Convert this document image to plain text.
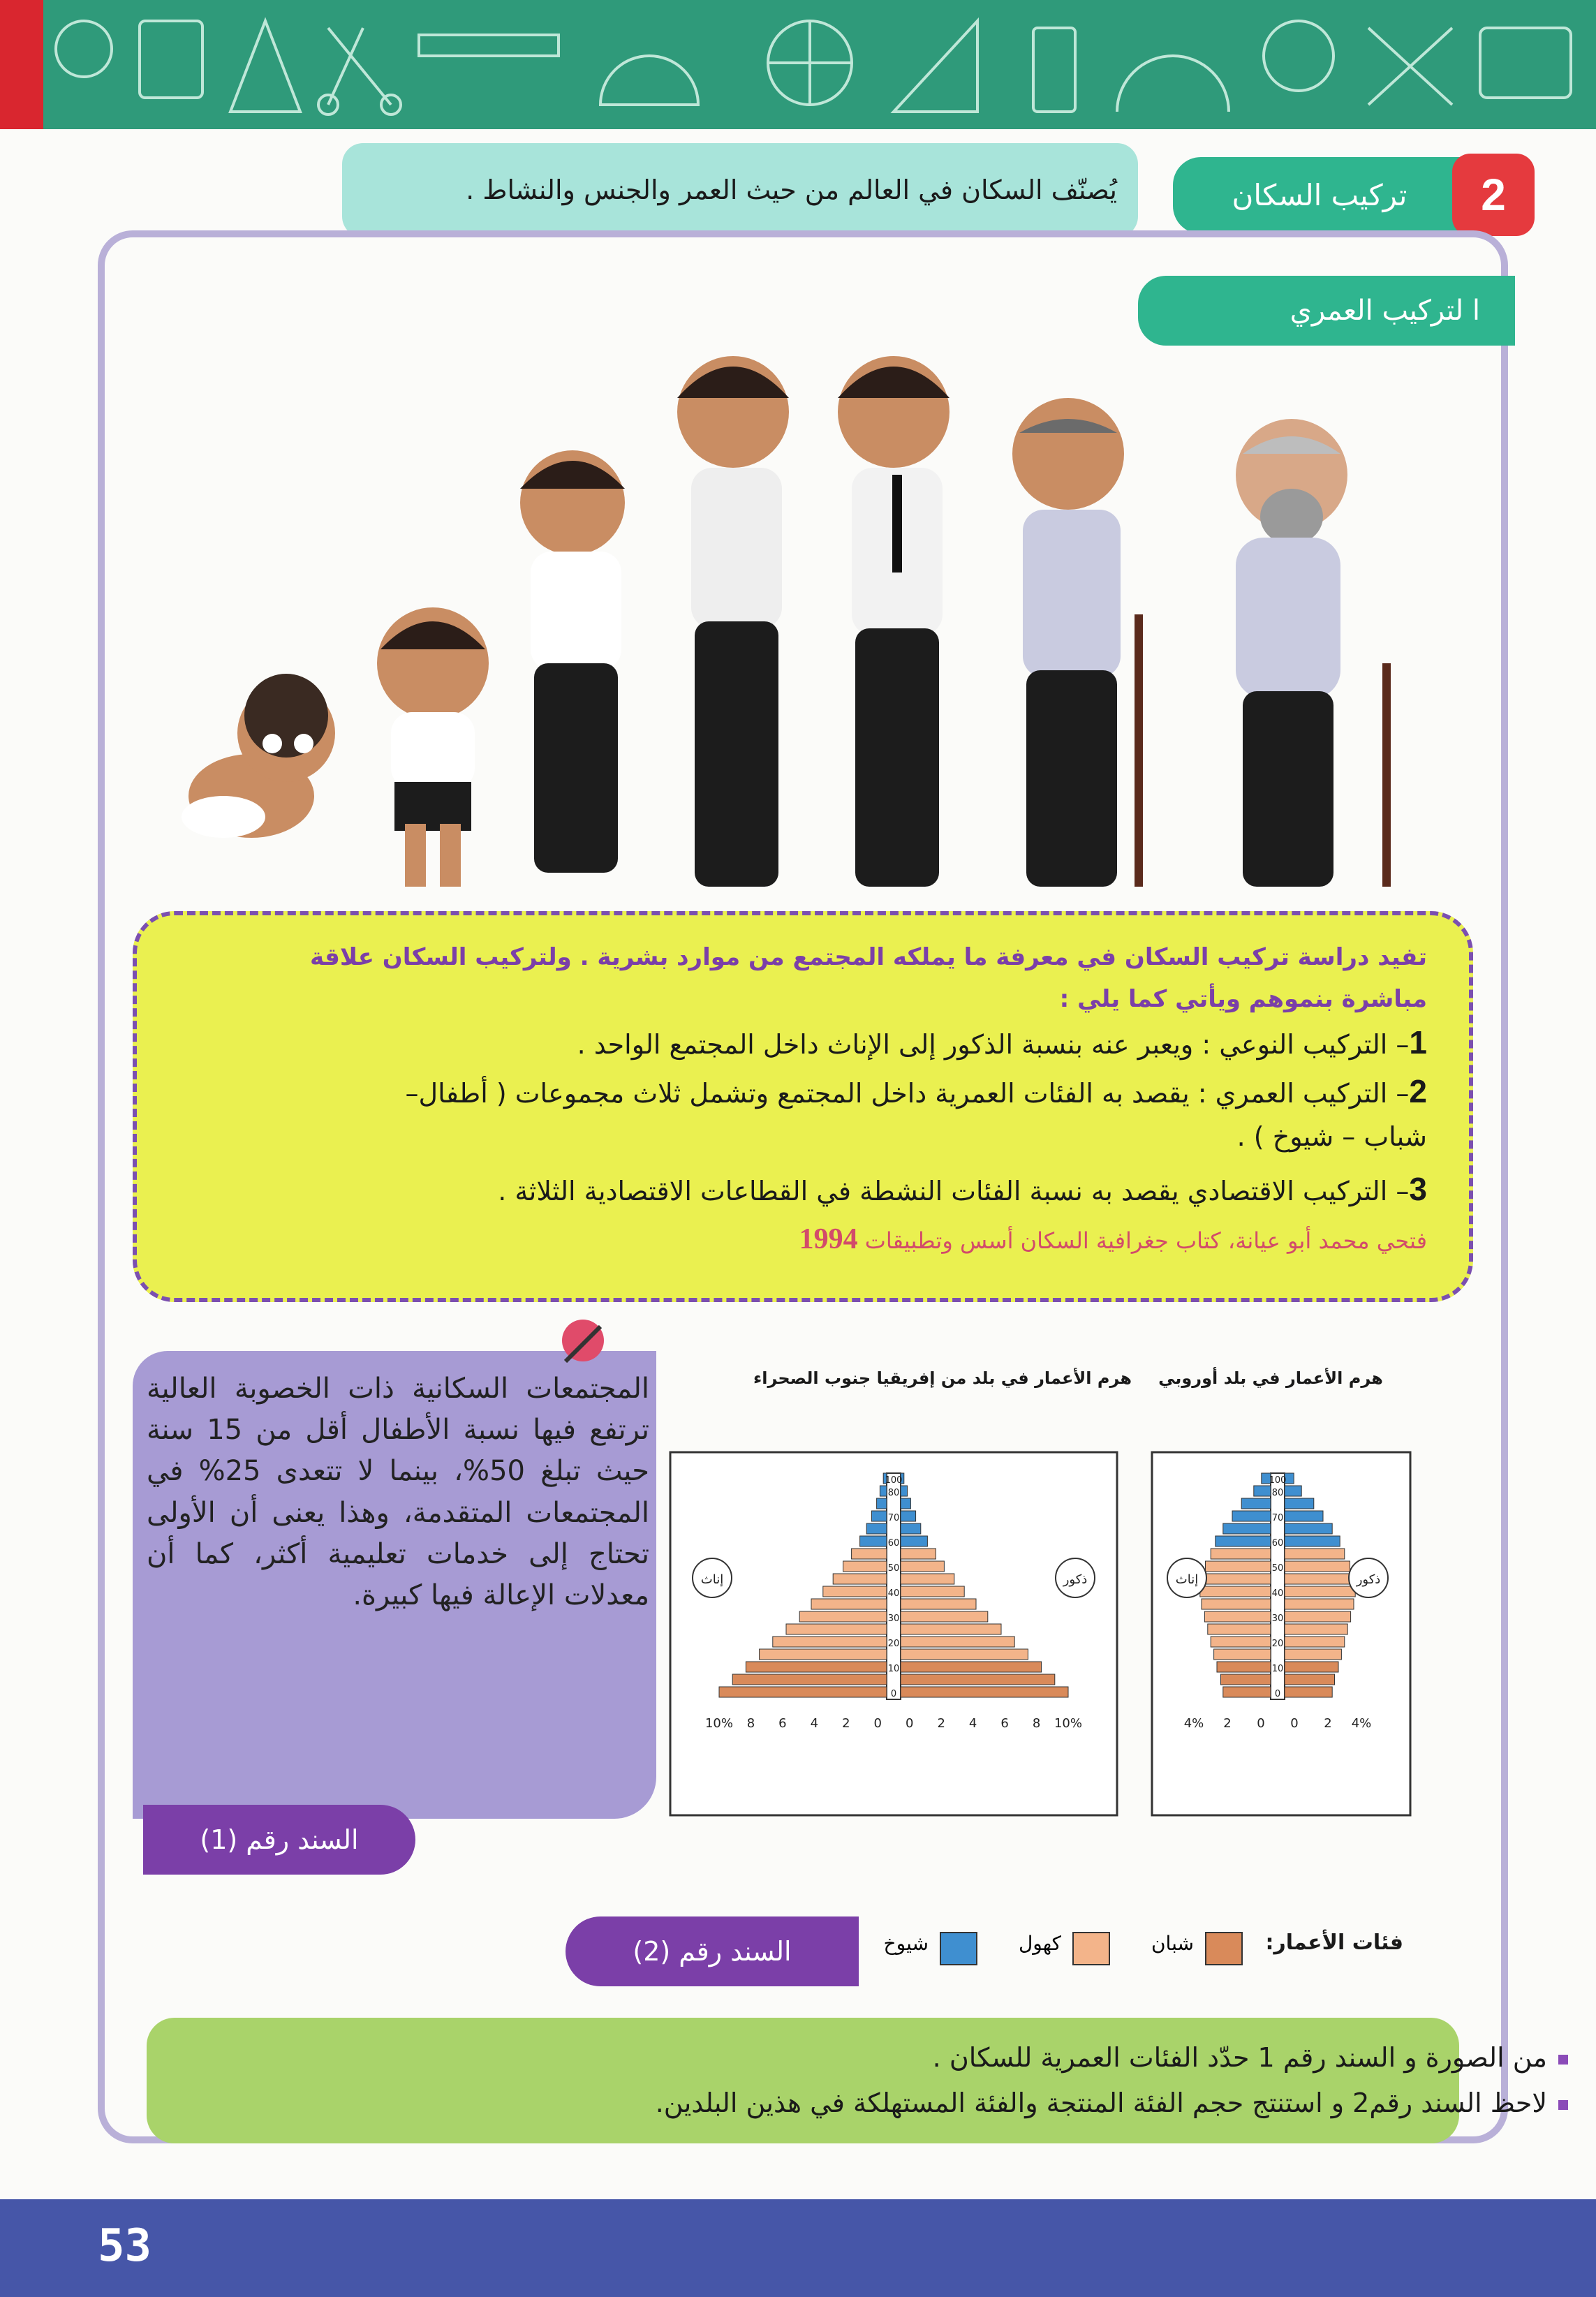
تركيب السكان	2
يُصنّف السكان في العالم من حيث العمر والجنس والنشاط .
ا لتركيب العمري
تفيد دراسة تركيب السكان في معرفة ما يملكه المجتمع من موارد بشرية . ولتركيب السكان علاقة
مباشرة بنموهم ويأتي كما يلي :
1– التركيب النوعي : ويعبر عنه بنسبة الذكور إلى الإناث داخل المجتمع الواحد .
2– التركيب العمري : يقصد به الفئات العمرية داخل المجتمع وتشمل ثلاث مجموعات ( أطفال–
شباب – شيوخ ) .
3– التركيب الاقتصادي يقصد به نسبة الفئات النشطة في القطاعات الاقتصادية الثلاثة .
فتحي محمد أبو عيانة، كتاب جغرافية السكان أسس وتطبيقات 1994
المجتمعات السكانية ذات الخصوبة العالية ترتفع فيها نسبة الأطفال أقل من 15 سنة حيث تبلغ 50%، بينما لا تتعدى 25% في المجتمعات المتقدمة، وهذا يعنى أن الأولى تحتاج إلى خدمات تعليمية أكثر، كما أن معدلات الإعالة فيها كبيرة.
السند رقم (1)
هرم الأعمار في بلد من إفريقيا جنوب الصحراء	هرم الأعمار في بلد أوروبي
0
10
20
30
40
50
60
70
80
100
10% 8 6 4 2 0 0 2 4 6 8 10%
إناث	ذكور
0
10
20
30
40
50
60
70
80
100
4% 2 0 0 2 4%
إناث	ذكور
السند رقم (2)	فئات الأعمار:
شبان
كهول
شيوخ
من الصورة و السند رقم 1 حدّد الفئات العمرية للسكان .
لاحظ السند رقم2 و استنتج حجم الفئة المنتجة والفئة المستهلكة في هذين البلدين.
53
